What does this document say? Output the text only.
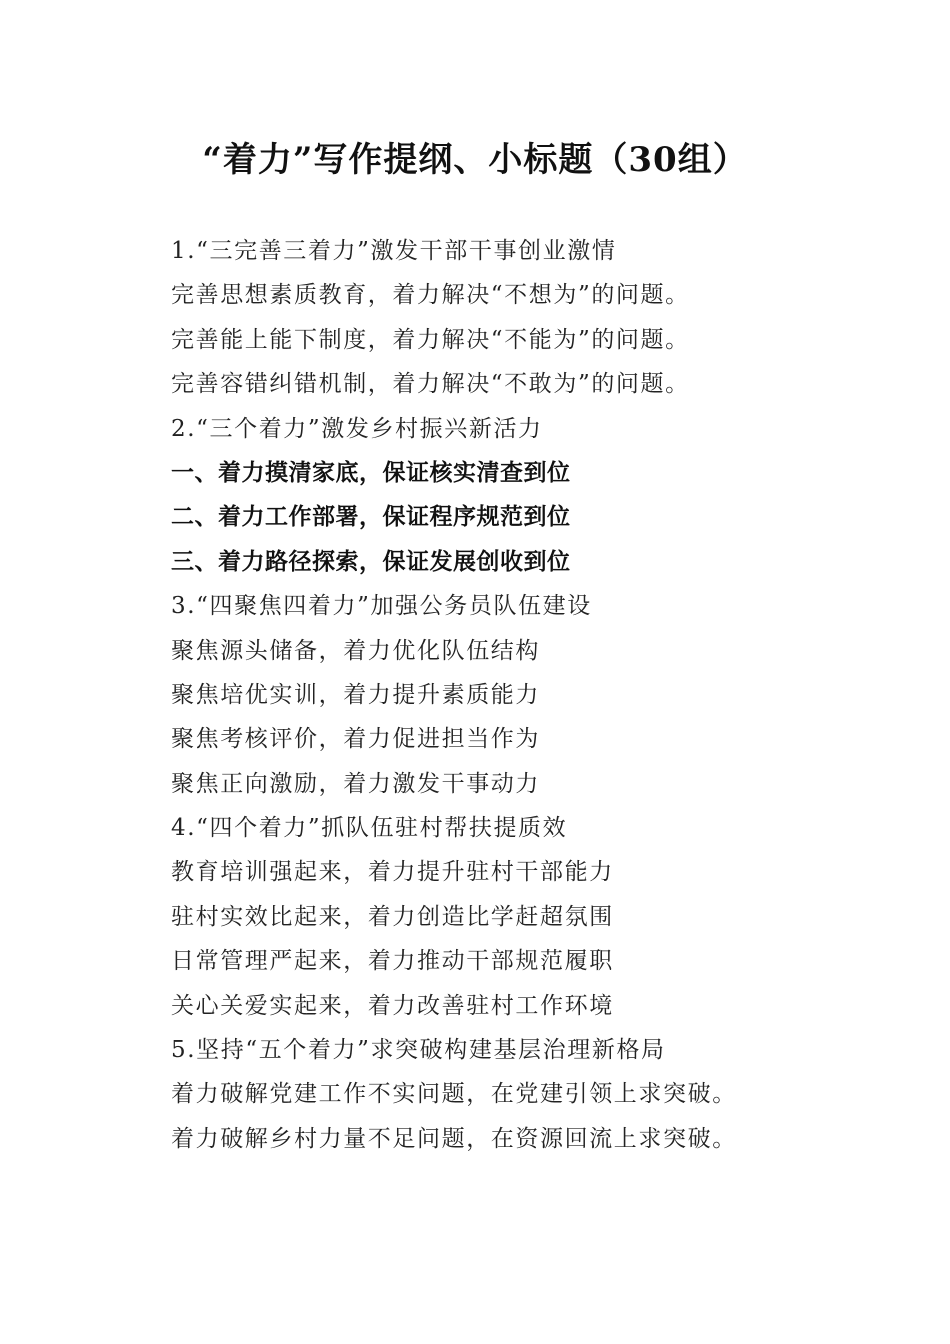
“着力”写作提纲、小标题（30组）
1.“三完善三着力”激发干部干事创业激情
完善思想素质教育，着力解决“不想为”的问题。
完善能上能下制度，着力解决“不能为”的问题。
完善容错纠错机制，着力解决“不敢为”的问题。
2.“三个着力”激发乡村振兴新活力
一、着力摸清家底，保证核实清查到位
二、着力工作部署，保证程序规范到位
三、着力路径探索，保证发展创收到位
3.“四聚焦四着力”加强公务员队伍建设
聚焦源头储备，着力优化队伍结构
聚焦培优实训，着力提升素质能力
聚焦考核评价，着力促进担当作为
聚焦正向激励，着力激发干事动力
4.“四个着力”抓队伍驻村帮扶提质效
教育培训强起来，着力提升驻村干部能力
驻村实效比起来，着力创造比学赶超氛围
日常管理严起来，着力推动干部规范履职
关心关爱实起来，着力改善驻村工作环境
5.坚持“五个着力”求突破构建基层治理新格局
着力破解党建工作不实问题，在党建引领上求突破。
着力破解乡村力量不足问题，在资源回流上求突破。
